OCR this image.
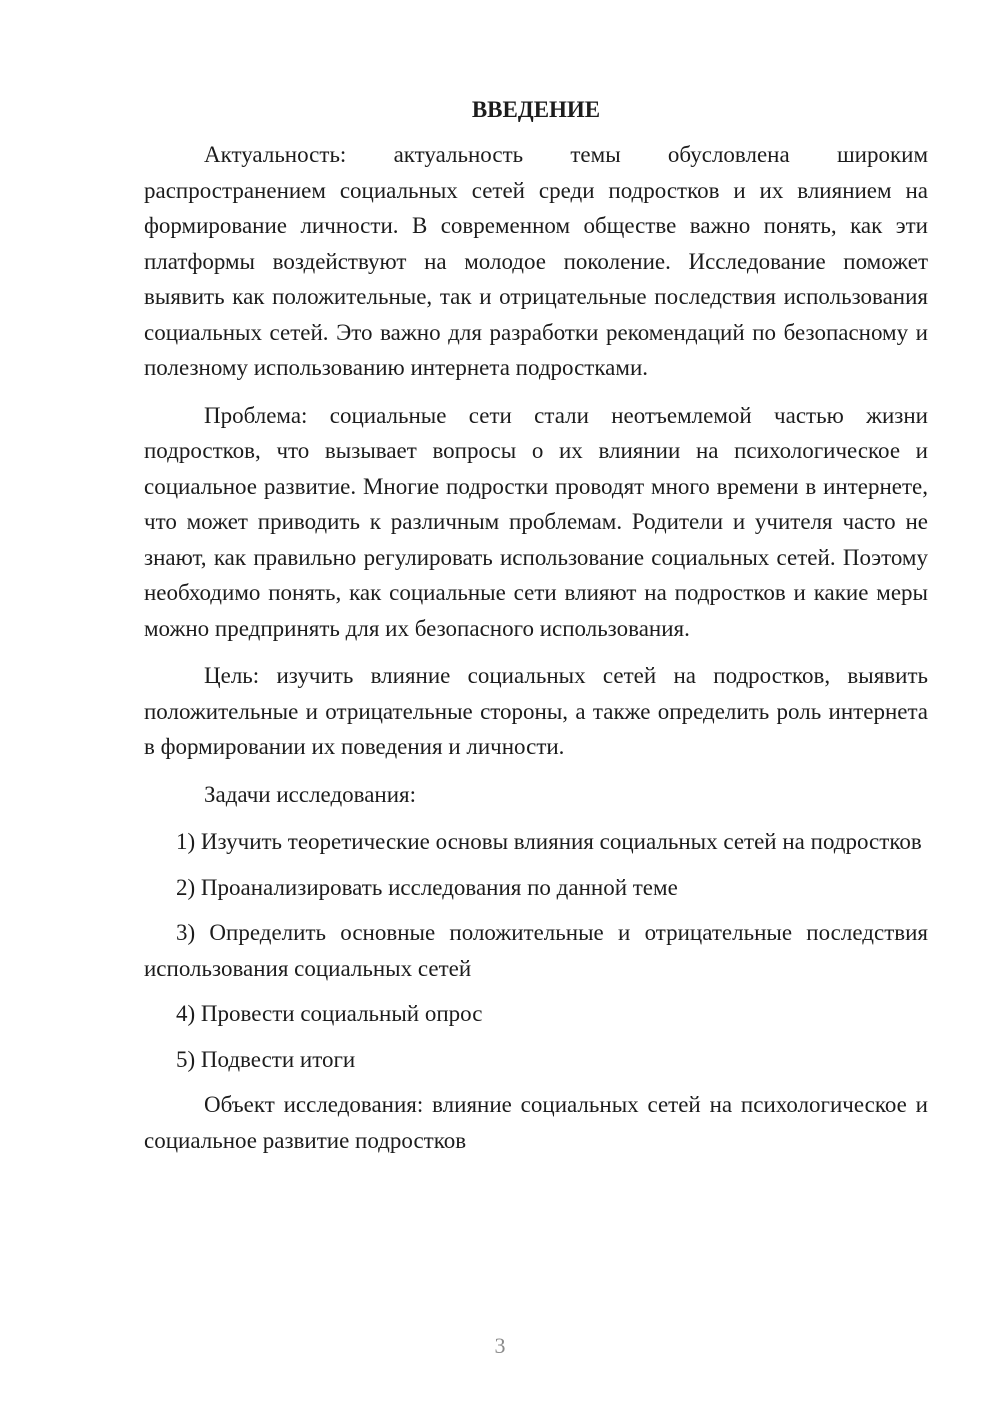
ВВЕДЕНИЕ

Актуальность: актуальность темы обусловлена широким распространением социальных сетей среди подростков и их влиянием на формирование личности. В современном обществе важно понять, как эти платформы воздействуют на молодое поколение. Исследование поможет выявить как положительные, так и отрицательные последствия использования социальных сетей. Это важно для разработки рекомендаций по безопасному и полезному использованию интернета подростками.

Проблема: социальные сети стали неотъемлемой частью жизни подростков, что вызывает вопросы о их влиянии на психологическое и социальное развитие. Многие подростки проводят много времени в интернете, что может приводить к различным проблемам. Родители и учителя часто не знают, как правильно регулировать использование социальных сетей. Поэтому необходимо понять, как социальные сети влияют на подростков и какие меры можно предпринять для их безопасного использования.

Цель: изучить влияние социальных сетей на подростков, выявить положительные и отрицательные стороны, а также определить роль интернета в формировании их поведения и личности.

Задачи исследования:

1) Изучить теоретические основы влияния социальных сетей на подростков

2) Проанализировать исследования по данной теме

3) Определить основные положительные и отрицательные последствия использования социальных сетей

4) Провести социальный опрос

5) Подвести итоги

Объект исследования: влияние социальных сетей на психологическое и социальное развитие подростков

3
